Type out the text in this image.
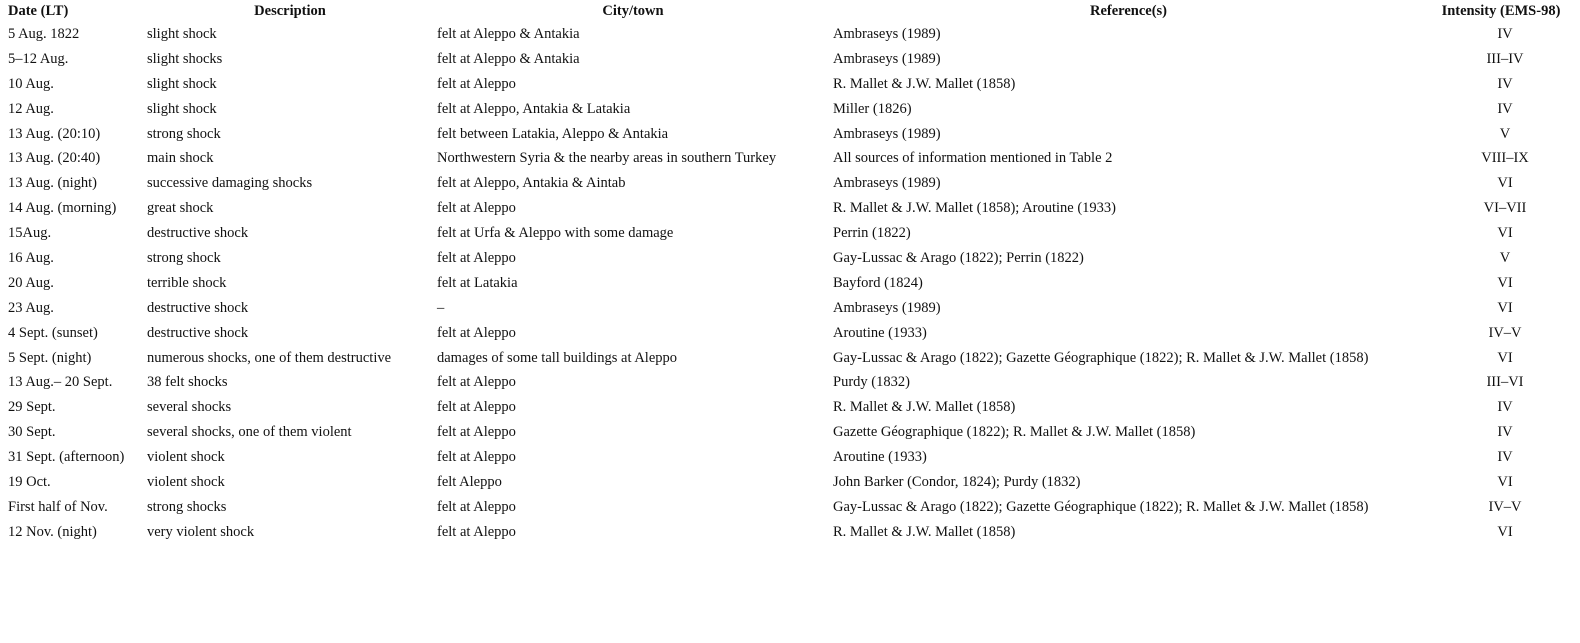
Date (LT)	Description	City/town	Reference(s)	Intensity (EMS-98)
5 Aug. 1822	slight shock	felt at Aleppo & Antakia	Ambraseys (1989)	IV
5–12 Aug.	slight shocks	felt at Aleppo & Antakia	Ambraseys (1989)	III–IV
10 Aug.	slight shock	felt at Aleppo	R. Mallet & J.W. Mallet (1858)	IV
12 Aug.	slight shock	felt at Aleppo, Antakia & Latakia	Miller (1826)	IV
13 Aug. (20:10)	strong shock	felt between Latakia, Aleppo & Antakia	Ambraseys (1989)	V
13 Aug. (20:40)	main shock	Northwestern Syria & the nearby areas in southern Turkey	All sources of information mentioned in Table 2	VIII–IX
13 Aug. (night)	successive damaging shocks	felt at Aleppo, Antakia & Aintab	Ambraseys (1989)	VI
14 Aug. (morning)	great shock	felt at Aleppo	R. Mallet & J.W. Mallet (1858); Aroutine (1933)	VI–VII
15Aug.	destructive shock	felt at Urfa & Aleppo with some damage	Perrin (1822)	VI
16 Aug.	strong shock	felt at Aleppo	Gay-Lussac & Arago (1822); Perrin (1822)	V
20 Aug.	terrible shock	felt at Latakia	Bayford (1824)	VI
23 Aug.	destructive shock	–	Ambraseys (1989)	VI
4 Sept. (sunset)	destructive shock	felt at Aleppo	Aroutine (1933)	IV–V
5 Sept. (night)	numerous shocks, one of them destructive	damages of some tall buildings at Aleppo	Gay-Lussac & Arago (1822); Gazette Géographique (1822); R. Mallet & J.W. Mallet (1858)	VI
13 Aug.– 20 Sept.	38 felt shocks	felt at Aleppo	Purdy (1832)	III–VI
29 Sept.	several shocks	felt at Aleppo	R. Mallet & J.W. Mallet (1858)	IV
30 Sept.	several shocks, one of them violent	felt at Aleppo	Gazette Géographique (1822); R. Mallet & J.W. Mallet (1858)	IV
31 Sept. (afternoon)	violent shock	felt at Aleppo	Aroutine (1933)	IV
19 Oct.	violent shock	felt Aleppo	John Barker (Condor, 1824); Purdy (1832)	VI
First half of Nov.	strong shocks	felt at Aleppo	Gay-Lussac & Arago (1822); Gazette Géographique (1822); R. Mallet & J.W. Mallet (1858)	IV–V
12 Nov. (night)	very violent shock	felt at Aleppo	R. Mallet & J.W. Mallet (1858)	VI
